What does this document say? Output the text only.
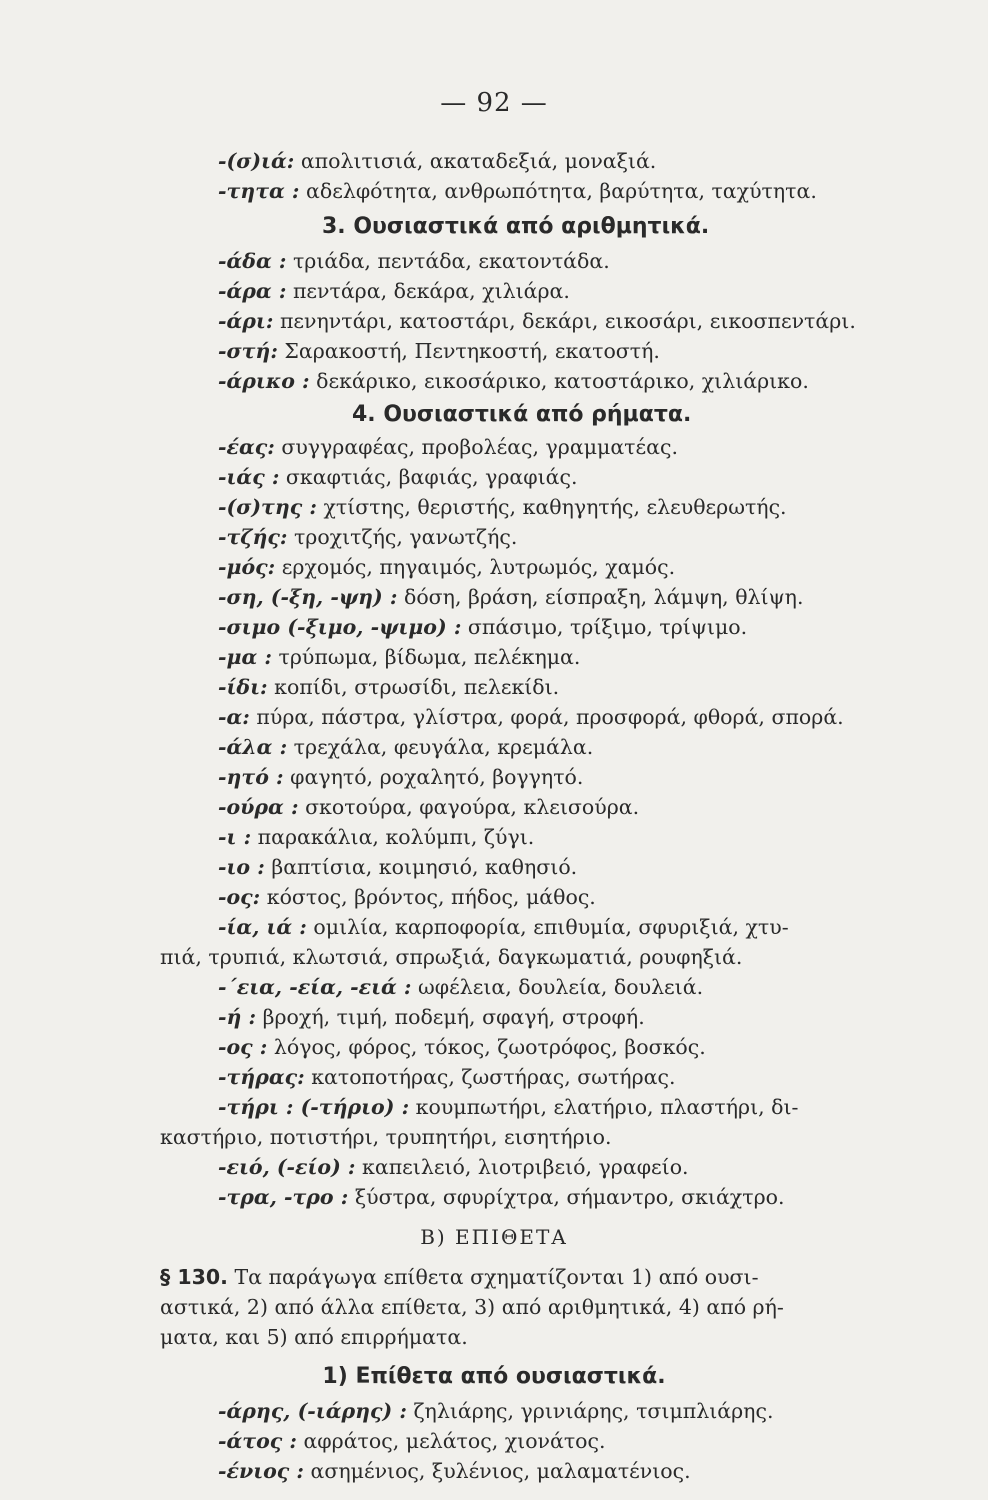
— 92 —
-(σ)ιά: απολιτισιά, ακαταδεξιά, μοναξιά.
-τητα : αδελφότητα, ανθρωπότητα, βαρύτητα, ταχύτητα.
3. Ουσιαστικά από αριθμητικά.
-άδα : τριάδα, πεντάδα, εκατοντάδα.
-άρα : πεντάρα, δεκάρα, χιλιάρα.
-άρι: πενηντάρι, κατοστάρι, δεκάρι, εικοσάρι, εικοσπεντάρι.
-στή: Σαρακοστή, Πεντηκοστή, εκατοστή.
-άρικο : δεκάρικο, εικοσάρικο, κατοστάρικο, χιλιάρικο.
4. Ουσιαστικά από ρήματα.
-έας: συγγραφέας, προβολέας, γραμματέας.
-ιάς : σκαφτιάς, βαφιάς, γραφιάς.
-(σ)της : χτίστης, θεριστής, καθηγητής, ελευθερωτής.
-τζής: τροχιτζής, γανωτζής.
-μός: ερχομός, πηγαιμός, λυτρωμός, χαμός.
-ση, (-ξη, -ψη) : δόση, βράση, είσπραξη, λάμψη, θλίψη.
-σιμο (-ξιμο, -ψιμο) : σπάσιμο, τρίξιμο, τρίψιμο.
-μα : τρύπωμα, βίδωμα, πελέκημα.
-ίδι: κοπίδι, στρωσίδι, πελεκίδι.
-α: πύρα, πάστρα, γλίστρα, φορά, προσφορά, φθορά, σπορά.
-άλα : τρεχάλα, φευγάλα, κρεμάλα.
-ητό : φαγητό, ροχαλητό, βογγητό.
-ούρα : σκοτούρα, φαγούρα, κλεισούρα.
-ι : παρακάλια, κολύμπι, ζύγι.
-ιο : βαπτίσια, κοιμησιό, καθησιό.
-ος: κόστος, βρόντος, πήδος, μάθος.
-ία, ιά : ομιλία, καρποφορία, επιθυμία, σφυριξιά, χτυ-
πιά, τρυπιά, κλωτσιά, σπρωξιά, δαγκωματιά, ρουφηξιά.
-΄εια, -εία, -ειά : ωφέλεια, δουλεία, δουλειά.
-ή : βροχή, τιμή, ποδεμή, σφαγή, στροφή.
-ος : λόγος, φόρος, τόκος, ζωοτρόφος, βοσκός.
-τήρας: κατοποτήρας, ζωστήρας, σωτήρας.
-τήρι : (-τήριο) : κουμπωτήρι, ελατήριο, πλαστήρι, δι-
καστήριο, ποτιστήρι, τρυπητήρι, εισητήριο.
-ειό, (-είο) : καπειλειό, λιοτριβειό, γραφείο.
-τρα, -τρο : ξύστρα, σφυρίχτρα, σήμαντρο, σκιάχτρο.
Β) ΕΠΙΘΕΤΑ
§ 130. Τα παράγωγα επίθετα σχηματίζονται 1) από ουσι-
αστικά, 2) από άλλα επίθετα, 3) από αριθμητικά, 4) από ρή-
ματα, και 5) από επιρρήματα.
1) Επίθετα από ουσιαστικά.
-άρης, (-ιάρης) : ζηλιάρης, γρινιάρης, τσιμπλιάρης.
-άτος : αφράτος, μελάτος, χιονάτος.
-ένιος : ασημένιος, ξυλένιος, μαλαματένιος.
